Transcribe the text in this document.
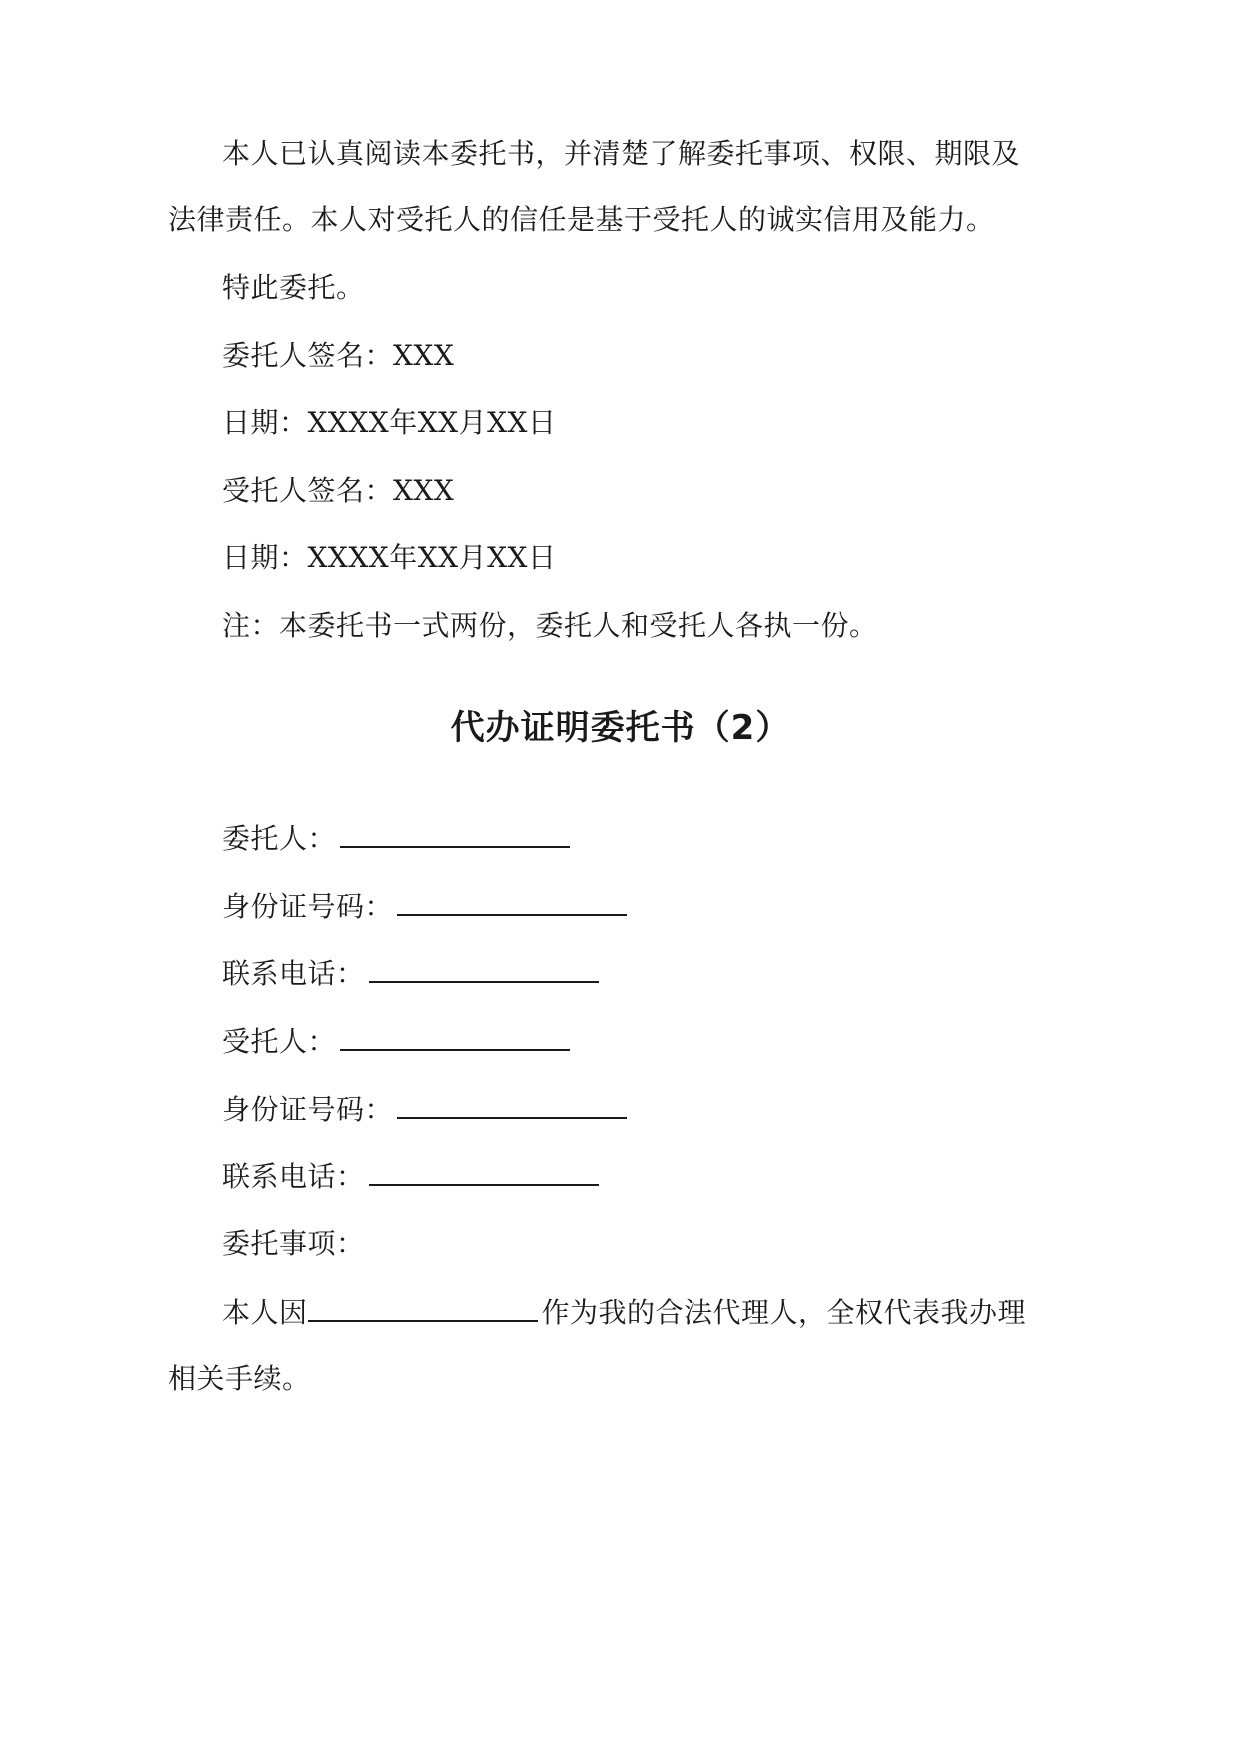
本人已认真阅读本委托书，并清楚了解委托事项、权限、期限及
法律责任。本人对受托人的信任是基于受托人的诚实信用及能力。
特此委托。
委托人签名：XXX
日期：XXXX年XX月XX日
受托人签名：XXX
日期：XXXX年XX月XX日
注：本委托书一式两份，委托人和受托人各执一份。
代办证明委托书（2）
委托人：
身份证号码：
联系电话：
受托人：
身份证号码：
联系电话：
委托事项：
本人因	作为我的合法代理人，全权代表我办理
相关手续。
